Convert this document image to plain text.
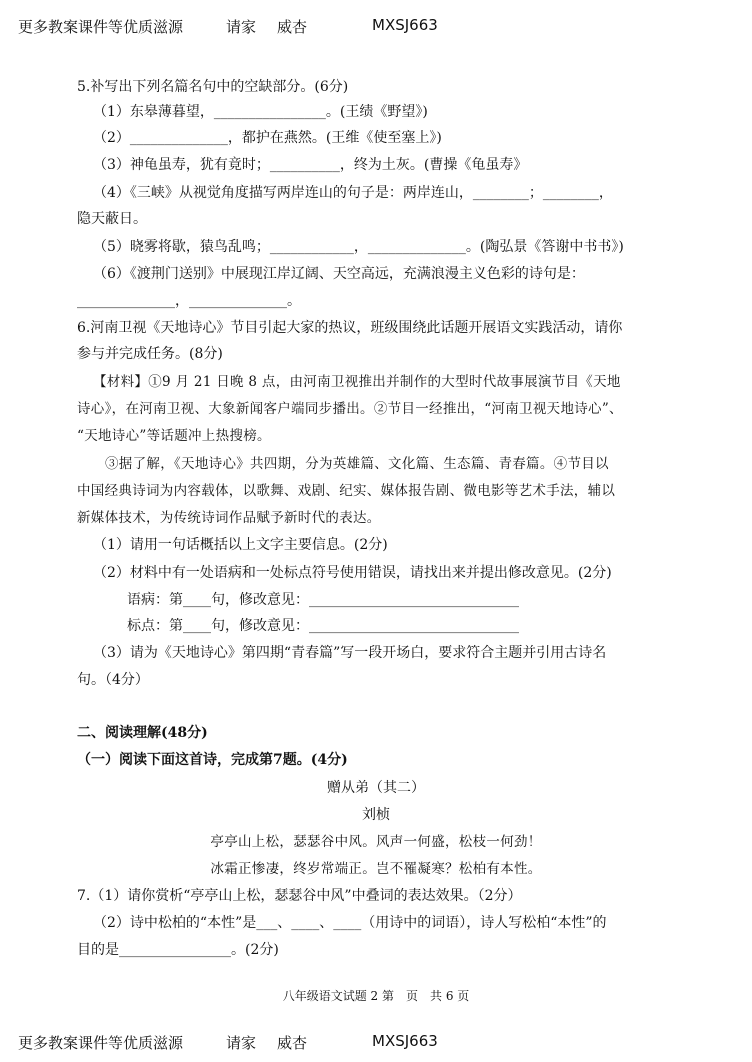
更多教案课件等优质滋源	请家 威杏	MXSJ663
5.补写出下列名篇名句中的空缺部分。(6分)
（1）东皋薄暮望，________________。(王绩《野望》)
（2）______________，都护在燕然。(王维《使至塞上》)
（3）神龟虽寿，犹有竟时；__________，终为土灰。(曹操《龟虽寿》
（4）《三峡》从视觉角度描写两岸连山的句子是：两岸连山，________；________，
隐天蔽日。
（5）晓雾将歇，猿鸟乱鸣；____________，______________。(陶弘景《答谢中书书》)
（6）《渡荆门送别》中展现江岸辽阔、天空高远，充满浪漫主义色彩的诗句是：
______________，______________。
6.河南卫视《天地诗心》节目引起大家的热议，班级围绕此话题开展语文实践活动，请你
参与并完成任务。(8分)
【材料】①9 月 21 日晚 8 点，由河南卫视推出并制作的大型时代故事展演节目《天地
诗心》，在河南卫视、大象新闻客户端同步播出。②节目一经推出，“河南卫视天地诗心”、
“天地诗心”等话题冲上热搜榜。
③据了解，《天地诗心》共四期，分为英雄篇、文化篇、生态篇、青春篇。④节目以
中国经典诗词为内容载体，以歌舞、戏剧、纪实、媒体报告剧、微电影等艺术手法，辅以
新媒体技术，为传统诗词作品赋予新时代的表达。
（1）请用一句话概括以上文字主要信息。(2分)
（2）材料中有一处语病和一处标点符号使用错误，请找出来并提出修改意见。(2分)
语病：第____句，修改意见：______________________________
标点：第____句，修改意见：______________________________
（3）请为《天地诗心》第四期“青春篇”写一段开场白，要求符合主题并引用古诗名
句。（4分）
二、阅读理解(48分)
（一）阅读下面这首诗，完成第7题。(4分)
赠从弟（其二）
刘桢
亭亭山上松，瑟瑟谷中风。风声一何盛，松枝一何劲！
冰霜正惨凄，终岁常端正。岂不罹凝寒？松柏有本性。
7.（1）请你赏析“亭亭山上松，瑟瑟谷中风”中叠词的表达效果。（2分）
（2）诗中松柏的“本性”是___、____、____（用诗中的词语），诗人写松柏“本性”的
目的是________________。(2分)
八年级语文试题 2 第　页　共 6 页
更多教案课件等优质滋源	请家 威杏	MXSJ663
